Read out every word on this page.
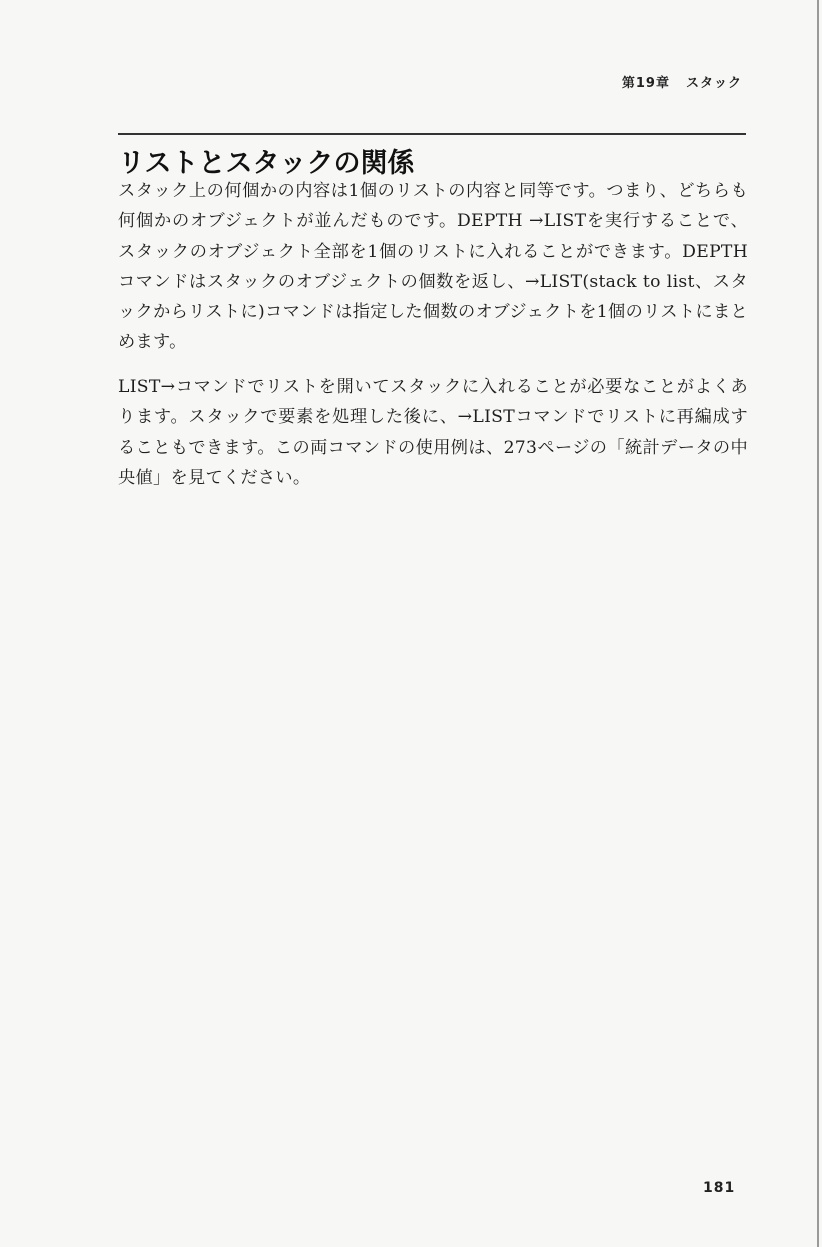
第19章 スタック
リストとスタックの関係
スタック上の何個かの内容は1個のリストの内容と同等です。つまり、どちらも何個かのオブジェクトが並んだものです。DEPTH →LISTを実行することで、スタックのオブジェクト全部を1個のリストに入れることができます。DEPTHコマンドはスタックのオブジェクトの個数を返し、→LIST(stack to list、スタックからリストに)コマンドは指定した個数のオブジェクトを1個のリストにまとめます。
LIST→コマンドでリストを開いてスタックに入れることが必要なことがよくあります。スタックで要素を処理した後に、→LISTコマンドでリストに再編成することもできます。この両コマンドの使用例は、273ページの「統計データの中央値」を見てください。
181
